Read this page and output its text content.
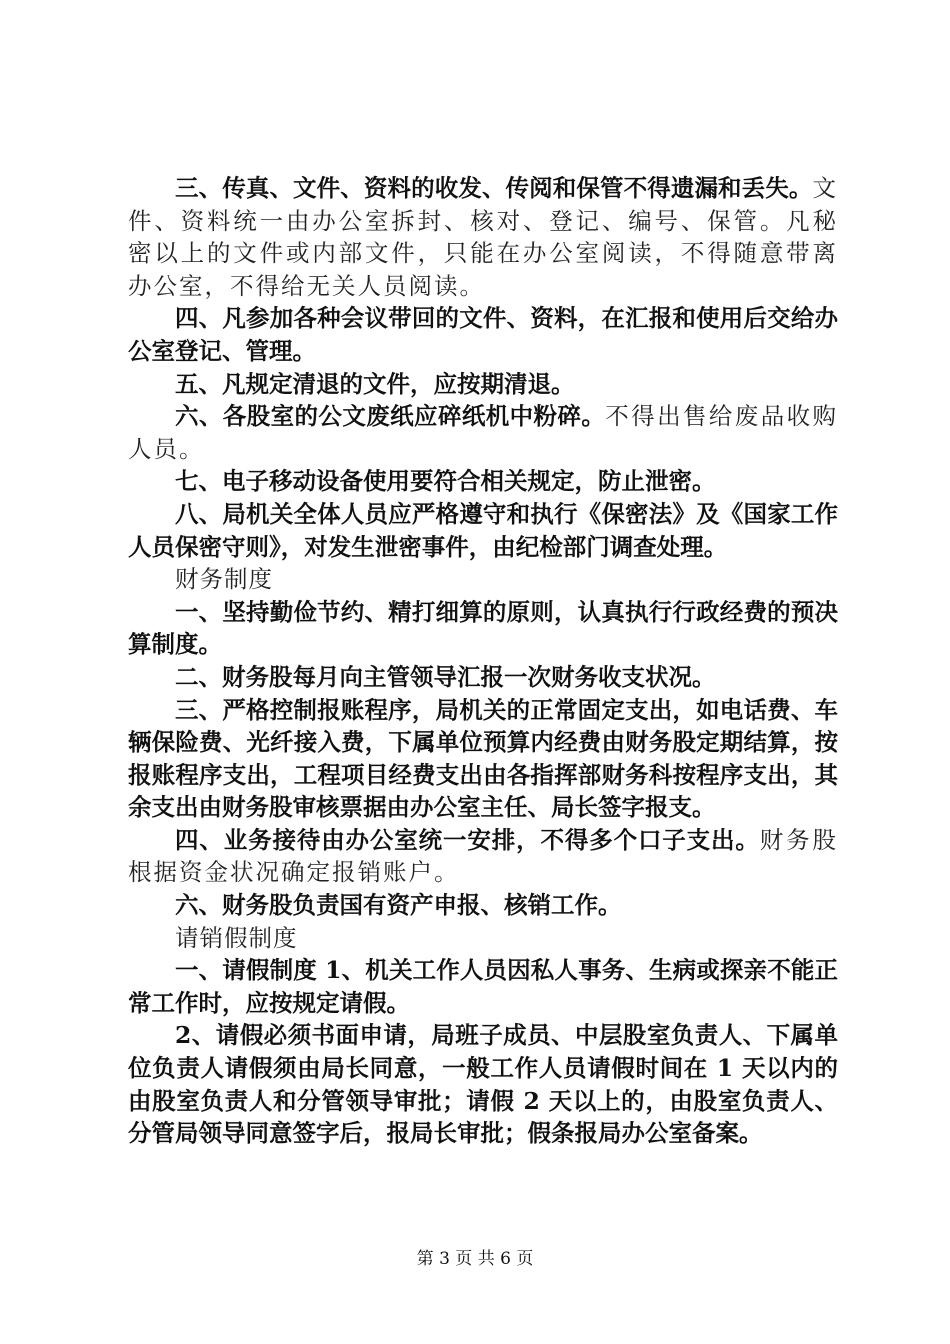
三、传真、文件、资料的收发、传阅和保管不得遗漏和丢失。文件、资料统一由办公室拆封、核对、登记、编号、保管。凡秘密以上的文件或内部文件，只能在办公室阅读，不得随意带离办公室，不得给无关人员阅读。

四、凡参加各种会议带回的文件、资料，在汇报和使用后交给办公室登记、管理。

五、凡规定清退的文件，应按期清退。

六、各股室的公文废纸应碎纸机中粉碎。不得出售给废品收购人员。

七、电子移动设备使用要符合相关规定，防止泄密。

八、局机关全体人员应严格遵守和执行《保密法》及《国家工作人员保密守则》，对发生泄密事件，由纪检部门调查处理。

财务制度

一、坚持勤俭节约、精打细算的原则，认真执行行政经费的预决算制度。

二、财务股每月向主管领导汇报一次财务收支状况。

三、严格控制报账程序，局机关的正常固定支出，如电话费、车辆保险费、光纤接入费，下属单位预算内经费由财务股定期结算，按报账程序支出，工程项目经费支出由各指挥部财务科按程序支出，其余支出由财务股审核票据由办公室主任、局长签字报支。

四、业务接待由办公室统一安排，不得多个口子支出。财务股根据资金状况确定报销账户。

六、财务股负责国有资产申报、核销工作。

请销假制度

一、请假制度 1、机关工作人员因私人事务、生病或探亲不能正常工作时，应按规定请假。

2、请假必须书面申请，局班子成员、中层股室负责人、下属单位负责人请假须由局长同意，一般工作人员请假时间在 1 天以内的由股室负责人和分管领导审批；请假 2 天以上的，由股室负责人、分管局领导同意签字后，报局长审批；假条报局办公室备案。

第 3 页 共 6 页
